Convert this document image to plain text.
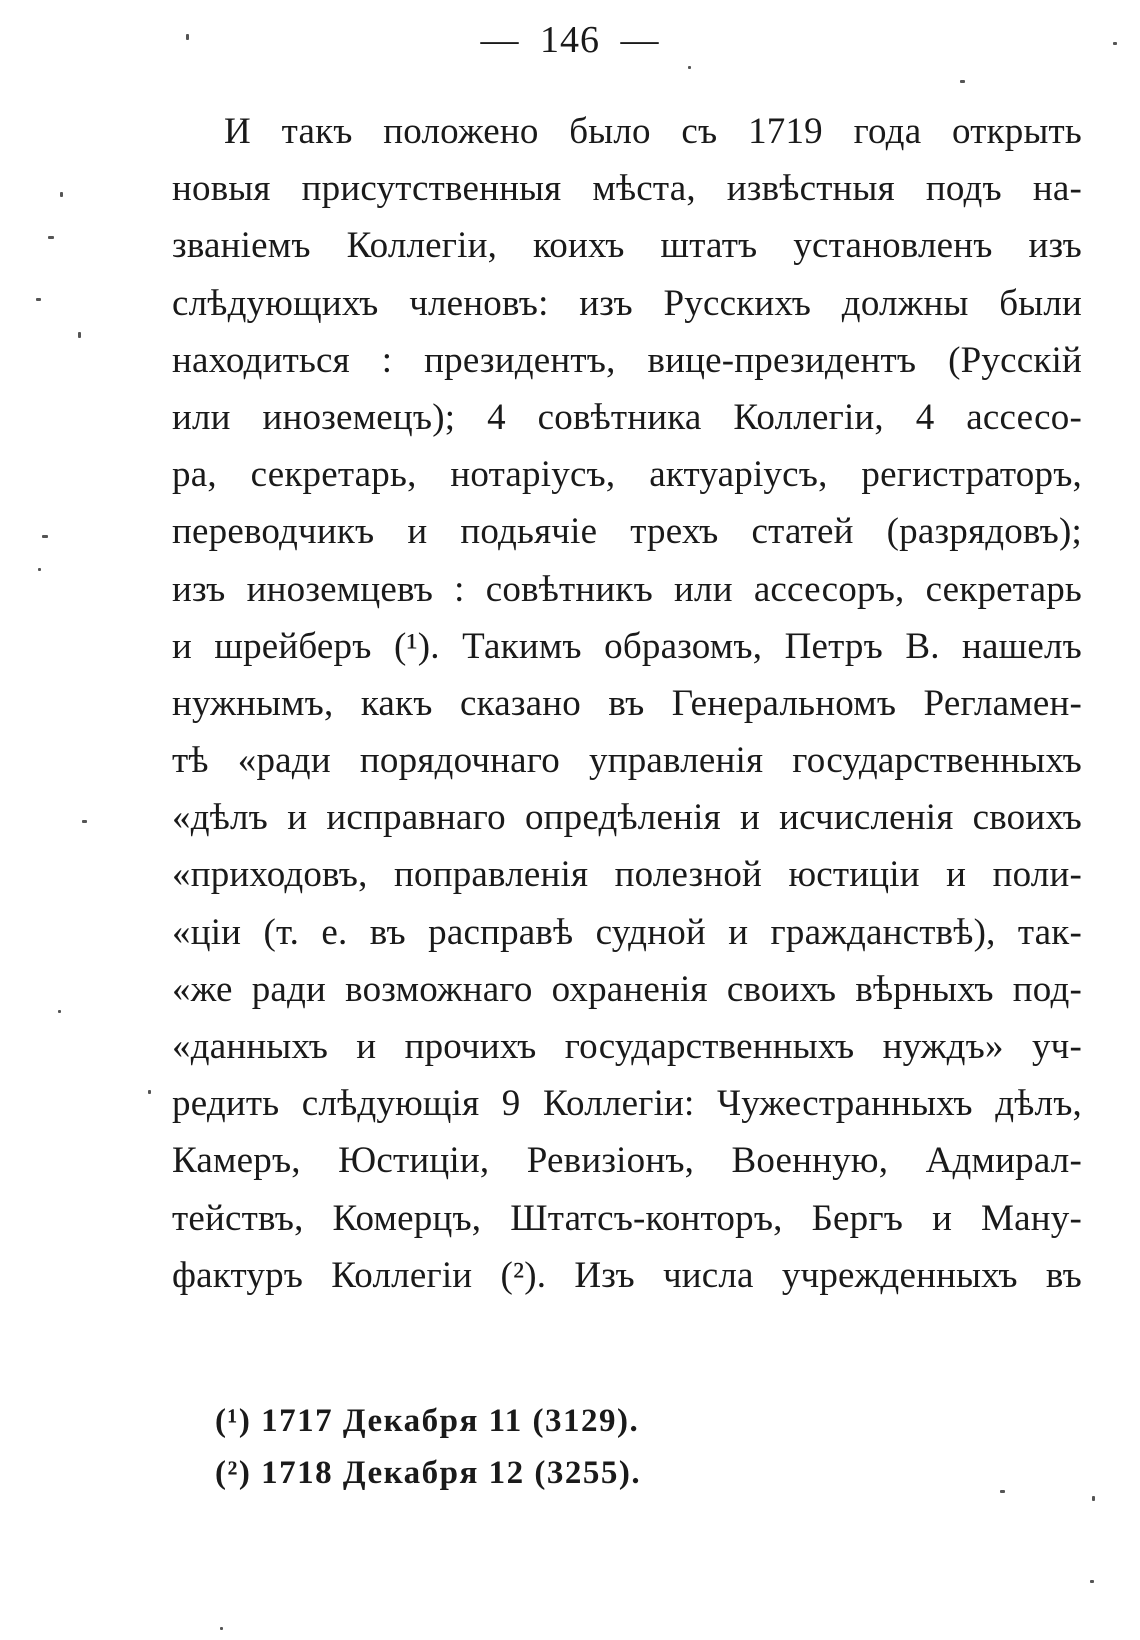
— 146 —
И такъ положено было съ 1719 года открыть
новыя присутственныя мѣста, извѣстныя подъ на-
званіемъ Коллегіи, коихъ штатъ установленъ изъ
слѣдующихъ членовъ: изъ Русскихъ должны были
находиться : президентъ, вице-президентъ (Русскій
или иноземецъ); 4 совѣтника Коллегіи, 4 ассесо-
ра, секретарь, нотаріусъ, актуаріусъ, регистраторъ,
переводчикъ и подьячіе трехъ статей (разрядовъ);
изъ иноземцевъ : совѣтникъ или ассесоръ, секретарь
и шрейберъ (¹). Такимъ образомъ, Петръ В. нашелъ
нужнымъ, какъ сказано въ Генеральномъ Регламен-
тѣ «ради порядочнаго управленія государственныхъ
«дѣлъ и исправнаго опредѣленія и исчисленія своихъ
«приходовъ, поправленія полезной юстиціи и поли-
«ціи (т. е. въ расправѣ судной и гражданствѣ), так-
«же ради возможнаго охраненія своихъ вѣрныхъ под-
«данныхъ и прочихъ государственныхъ нуждъ» уч-
редить слѣдующія 9 Коллегіи: Чужестранныхъ дѣлъ,
Камеръ, Юстиціи, Ревизіонъ, Военную, Адмирал-
тействъ, Комерцъ, Штатсъ-конторъ, Бергъ и Ману-
фактуръ Коллегіи (²). Изъ числа учрежденныхъ въ
(¹) 1717 Декабря 11 (3129).
(²) 1718 Декабря 12 (3255).
